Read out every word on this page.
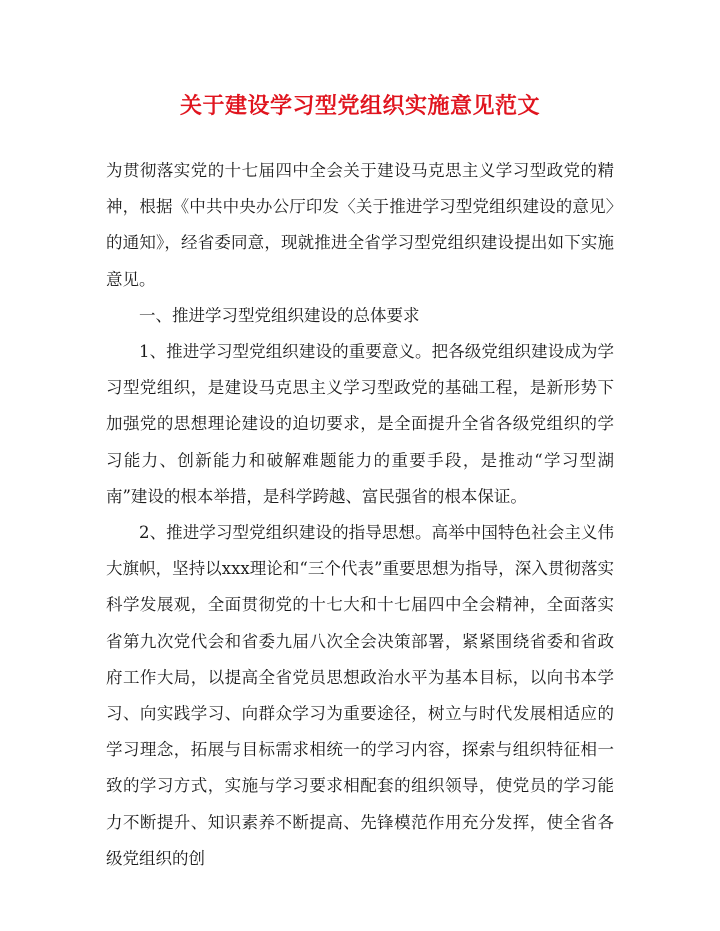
关于建设学习型党组织实施意见范文

为贯彻落实党的十七届四中全会关于建设马克思主义学习型政党的精神，根据《中共中央办公厅印发〈关于推进学习型党组织建设的意见〉的通知》，经省委同意，现就推进全省学习型党组织建设提出如下实施意见。

一、推进学习型党组织建设的总体要求

1、推进学习型党组织建设的重要意义。把各级党组织建设成为学习型党组织，是建设马克思主义学习型政党的基础工程，是新形势下加强党的思想理论建设的迫切要求，是全面提升全省各级党组织的学习能力、创新能力和破解难题能力的重要手段，是推动“学习型湖南”建设的根本举措，是科学跨越、富民强省的根本保证。

2、推进学习型党组织建设的指导思想。高举中国特色社会主义伟大旗帜，坚持以xxx理论和“三个代表”重要思想为指导，深入贯彻落实科学发展观，全面贯彻党的十七大和十七届四中全会精神，全面落实省第九次党代会和省委九届八次全会决策部署，紧紧围绕省委和省政府工作大局，以提高全省党员思想政治水平为基本目标，以向书本学习、向实践学习、向群众学习为重要途径，树立与时代发展相适应的学习理念，拓展与目标需求相统一的学习内容，探索与组织特征相一致的学习方式，实施与学习要求相配套的组织领导，使党员的学习能力不断提升、知识素养不断提高、先锋模范作用充分发挥，使全省各级党组织的创
